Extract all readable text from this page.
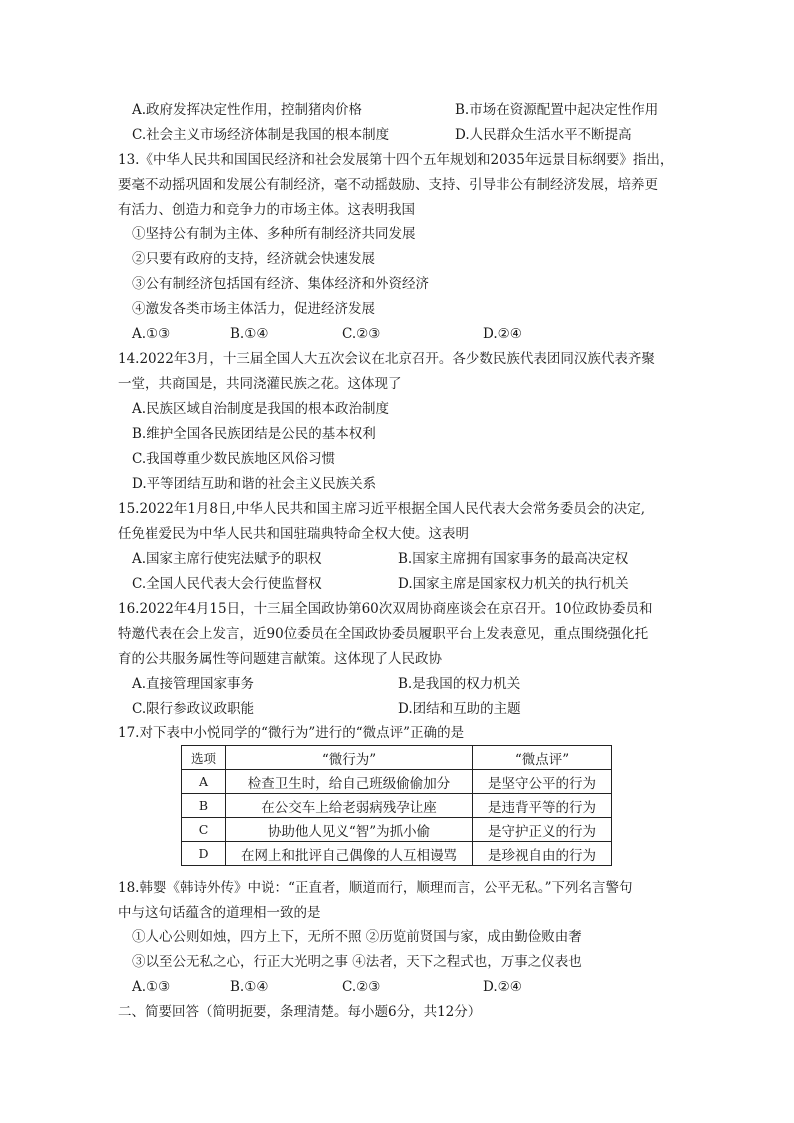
A.政府发挥决定性作用，控制猪肉价格	B.市场在资源配置中起决定性作用
C.社会主义市场经济体制是我国的根本制度	D.人民群众生活水平不断提高
13.《中华人民共和国国民经济和社会发展第十四个五年规划和2035年远景目标纲要》指出，
要毫不动摇巩固和发展公有制经济，毫不动摇鼓励、支持、引导非公有制经济发展，培养更
有活力、创造力和竞争力的市场主体。这表明我国
①坚持公有制为主体、多种所有制经济共同发展
②只要有政府的支持，经济就会快速发展
③公有制经济包括国有经济、集体经济和外资经济
④激发各类市场主体活力，促进经济发展
A.①③	B.①④	C.②③	D.②④
14.2022年3月，十三届全国人大五次会议在北京召开。各少数民族代表团同汉族代表齐聚
一堂，共商国是，共同浇灌民族之花。这体现了
A.民族区域自治制度是我国的根本政治制度
B.维护全国各民族团结是公民的基本权利
C.我国尊重少数民族地区风俗习惯
D.平等团结互助和谐的社会主义民族关系
15.2022年1月8日,中华人民共和国主席习近平根据全国人民代表大会常务委员会的决定,
任免崔爱民为中华人民共和国驻瑞典特命全权大使。这表明
A.国家主席行使宪法赋予的职权	B.国家主席拥有国家事务的最高决定权
C.全国人民代表大会行使监督权	D.国家主席是国家权力机关的执行机关
16.2022年4月15日，十三届全国政协第60次双周协商座谈会在京召开。10位政协委员和
特邀代表在会上发言，近90位委员在全国政协委员履职平台上发表意见，重点围绕强化托
育的公共服务属性等问题建言献策。这体现了人民政协
A.直接管理国家事务	B.是我国的权力机关
C.限行参政议政职能	D.团结和互助的主题
17.对下表中小悦同学的“微行为”进行的“微点评”正确的是
选项	“微行为”	“微点评”
A	检查卫生时，给自己班级偷偷加分	是坚守公平的行为
B	在公交车上给老弱病残孕让座	是违背平等的行为
C	协助他人见义“智”为抓小偷	是守护正义的行为
D	在网上和批评自己偶像的人互相谩骂	是珍视自由的行为
18.韩婴《韩诗外传》中说：“正直者，顺道而行，顺理而言，公平无私。”下列名言警句
中与这句话蕴含的道理相一致的是
①人心公则如烛，四方上下，无所不照 ②历览前贤国与家，成由勤俭败由奢
③以至公无私之心，行正大光明之事 ④法者，天下之程式也，万事之仪表也
A.①③	B.①④	C.②③	D.②④
二、简要回答（简明扼要，条理清楚。每小题6分，共12分）
